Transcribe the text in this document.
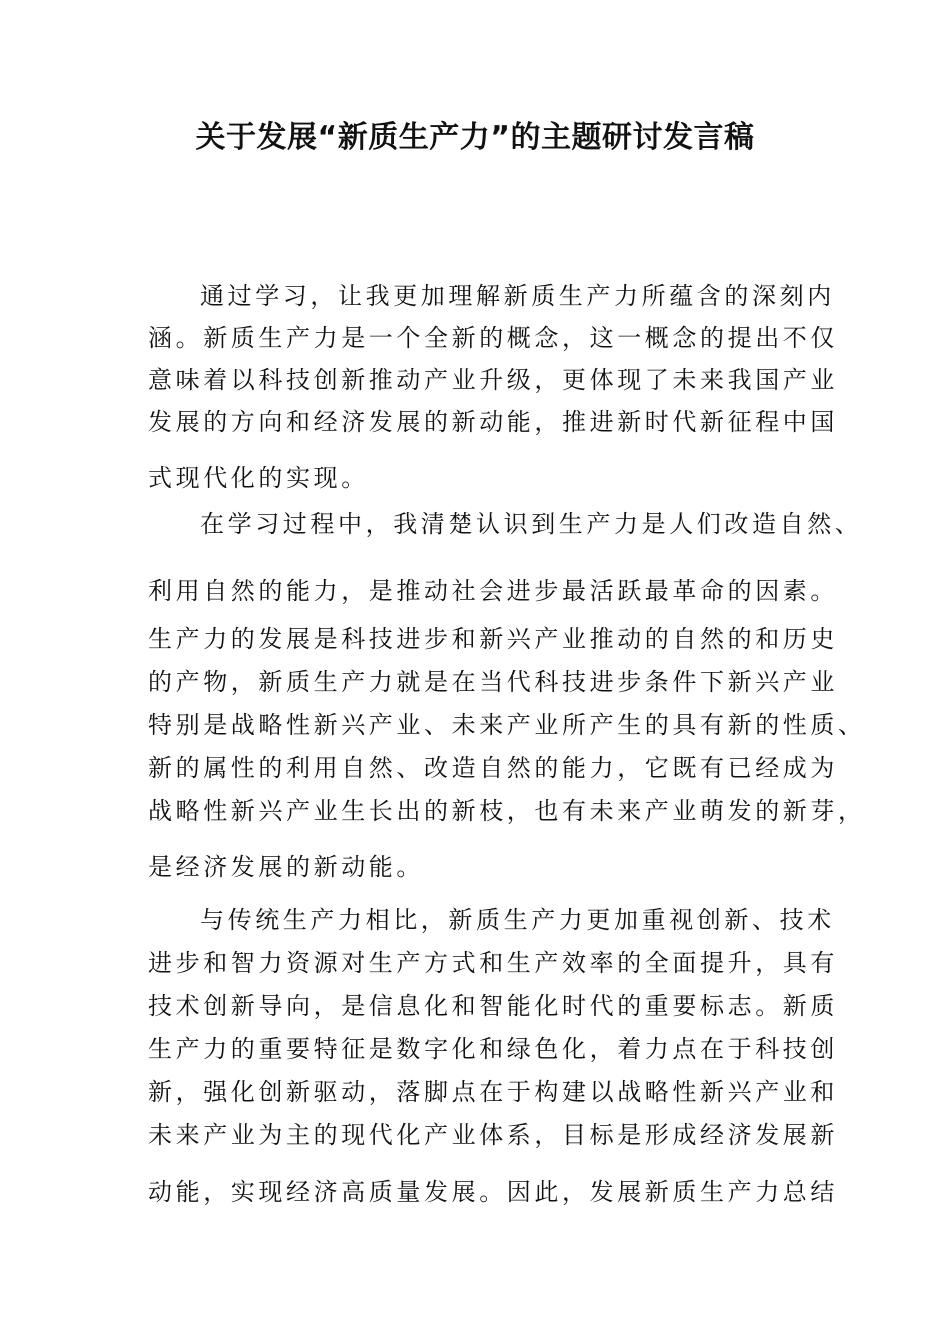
关于发展“新质生产力”的主题研讨发言稿
通过学习，让我更加理解新质生产力所蕴含的深刻内
涵。新质生产力是一个全新的概念，这一概念的提出不仅
意味着以科技创新推动产业升级，更体现了未来我国产业
发展的方向和经济发展的新动能，推进新时代新征程中国
式现代化的实现。
在学习过程中，我清楚认识到生产力是人们改造自然、
利用自然的能力，是推动社会进步最活跃最革命的因素。
生产力的发展是科技进步和新兴产业推动的自然的和历史
的产物，新质生产力就是在当代科技进步条件下新兴产业
特别是战略性新兴产业、未来产业所产生的具有新的性质、
新的属性的利用自然、改造自然的能力，它既有已经成为
战略性新兴产业生长出的新枝，也有未来产业萌发的新芽，
是经济发展的新动能。
与传统生产力相比，新质生产力更加重视创新、技术
进步和智力资源对生产方式和生产效率的全面提升，具有
技术创新导向，是信息化和智能化时代的重要标志。新质
生产力的重要特征是数字化和绿色化，着力点在于科技创
新，强化创新驱动，落脚点在于构建以战略性新兴产业和
未来产业为主的现代化产业体系，目标是形成经济发展新
动能，实现经济高质量发展。因此，发展新质生产力总结
